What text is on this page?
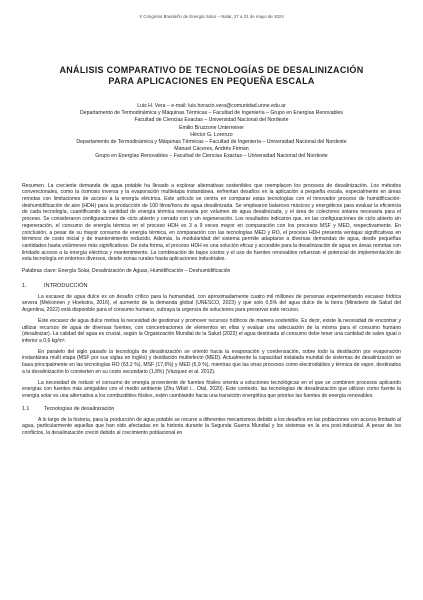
X Congreso Brasileño de Energía Solar – Natal, 27 a 31 de mayo de 2024
ANÁLISIS COMPARATIVO DE TECNOLOGÍAS DE DESALINIZACIÓN
PARA APLICACIONES EN PEQUEÑA ESCALA
Luis H. Vera – e-mail: luis.horacio.vera@comunidad.unne.edu.ar
Departamento de Termodinámica y Máquinas Térmicas – Facultad de Ingeniería – Grupo en Energías Renovables
Facultad de Ciencias Exactas – Universidad Nacional del Nordeste
Emilio Bruzzone Unterreiner
Héctor G. Lorenzo
Departamento de Termodinámica y Máquinas Térmicas – Facultad de Ingeniería – Universidad Nacional del Nordeste
Manuel Cáceres, Andrés Firman
Grupo en Energías Renovables – Facultad de Ciencias Exactas – Universidad Nacional del Nordeste
Resumen. La creciente demanda de agua potable ha llevado a explorar alternativas sostenibles que reemplacen los procesos de desalinización. Los métodos convencionales, como la ósmosis inversa y la evaporación multietapa instantánea, enfrentan desafíos en la aplicación a pequeña escala, especialmente en áreas remotas con limitaciones de acceso a la energía eléctrica. Este artículo se centra en comparar estas tecnologías con el innovador proceso de humidificación-deshumidificación de aire (HDH) para la producción de 100 litros/hora de agua desalinizada. Se emplearon balances másicos y energéticos para evaluar la eficiencia de cada tecnología, cuantificando la cantidad de energía térmica necesaria por volumen de agua desalinizada, y el área de colectores solares necesaria para el proceso. Se consideraron configuraciones de ciclo abierto y cerrado con y sin regeneración. Los resultados indicaron que, en las configuraciones de ciclo abierto sin regeneración, el consumo de energía térmica en el proceso HDH es 3 a 9 veces mayor en comparación con los procesos MSF y MED, respectivamente. En conclusión, a pesar de su mayor consumo de energía térmica, en comparación con las tecnologías MED y RO, el proceso HDH presenta ventajas significativas en términos de costo inicial y de mantenimiento reducido. Además, la modularidad del sistema permite adaptarse a diversas demandas de agua, desde pequeñas cantidades hasta volúmenes más significativos. De esta forma, el proceso HDH es una solución eficaz y accesible para la desalinización de agua en áreas remotas con limitado acceso a la energía eléctrica y mantenimiento. La combinación de bajos costos y el uso de fuentes renovables refuerzan el potencial de implementación de esta tecnología en entornos diversos, desde zonas rurales hasta aplicaciones industriales.
Palabras clave: Energía Solar, Desalinización de Aguas, Humidificación – Deshumidificación
1.	INTRODUCCIÓN
La escasez de agua dulce es un desafío crítico para la humanidad, con aproximadamente cuatro mil millones de personas experimentando escasez hídrica severa (Mekonnen y Hoekstra, 2016), el aumento de la demanda global (UNESCO, 2023) y que solo 0,5% del agua dulce de la tierra (Ministerio de Salud del Argentina, 2022) está disponible para el consumo humano, subraya la urgencia de soluciones para preservar este recurso.
Este escasez de agua dulce motiva la necesidad de gestionar y promover recursos hídricos de manera sostenible. Es decir, existe la necesidad de encontrar y utilizar recursos de agua de diversas fuentes, con concentraciones de elementos en ellas y evaluar una adecuación de la misma para el consumo humano (desalinizar). La calidad del agua es crucial, según la Organización Mundial de la Salud (2022) el agua destinada al consumo debe tener una cantidad de sales igual o inferior a 0,6 kg/m³.
En paralelo del siglo pasado la tecnología de desalinización se orientó hacia la evaporación y condensación, sobre todo la destilación por evaporación instantánea multi etapa (MSF por sus siglas en inglés) y destilación multiefecto (MED). Actualmente la capacidad instalada mundial de sistemas de desalinización se basa principalmente en las tecnologías RO (63,2 %), MSF (17,6%) y MED (6,9 %), mientras que las otras procesos como electrodiálisis y térmica de vapor, destinados a la desalinización lo convierten en su costo secundario (1,8%) (Vázquez et al. 2012).
La necesidad de reducir el consumo de energía proveniente de fuentes fósiles orienta a soluciones tecnológicas en el que se combinen procesos aplicando energías con fuentes más amigables con el medio ambiente (Zhu Wbid i... Otal, 2020). Este contexto, las tecnologías de desalinización que utilizan como fuente la energía solar es una alternativa a los combustibles fósiles, estén cambiando hacia una transición energética que priorice las fuentes de energía renovables.
1.1	Tecnologías de desalinización
A lo largo de la historia, para la producción de agua potable se recurre a diferentes mecanismos debido a los desafíos en las poblaciones con acceso limitado al agua, particularmente aquellas que han sido afectadas en la historia durante la Segunda Guerra Mundial y los sistemas en la era post-industrial. A pesar de los conflictos, la desalinización creció debido al crecimiento poblacional en
